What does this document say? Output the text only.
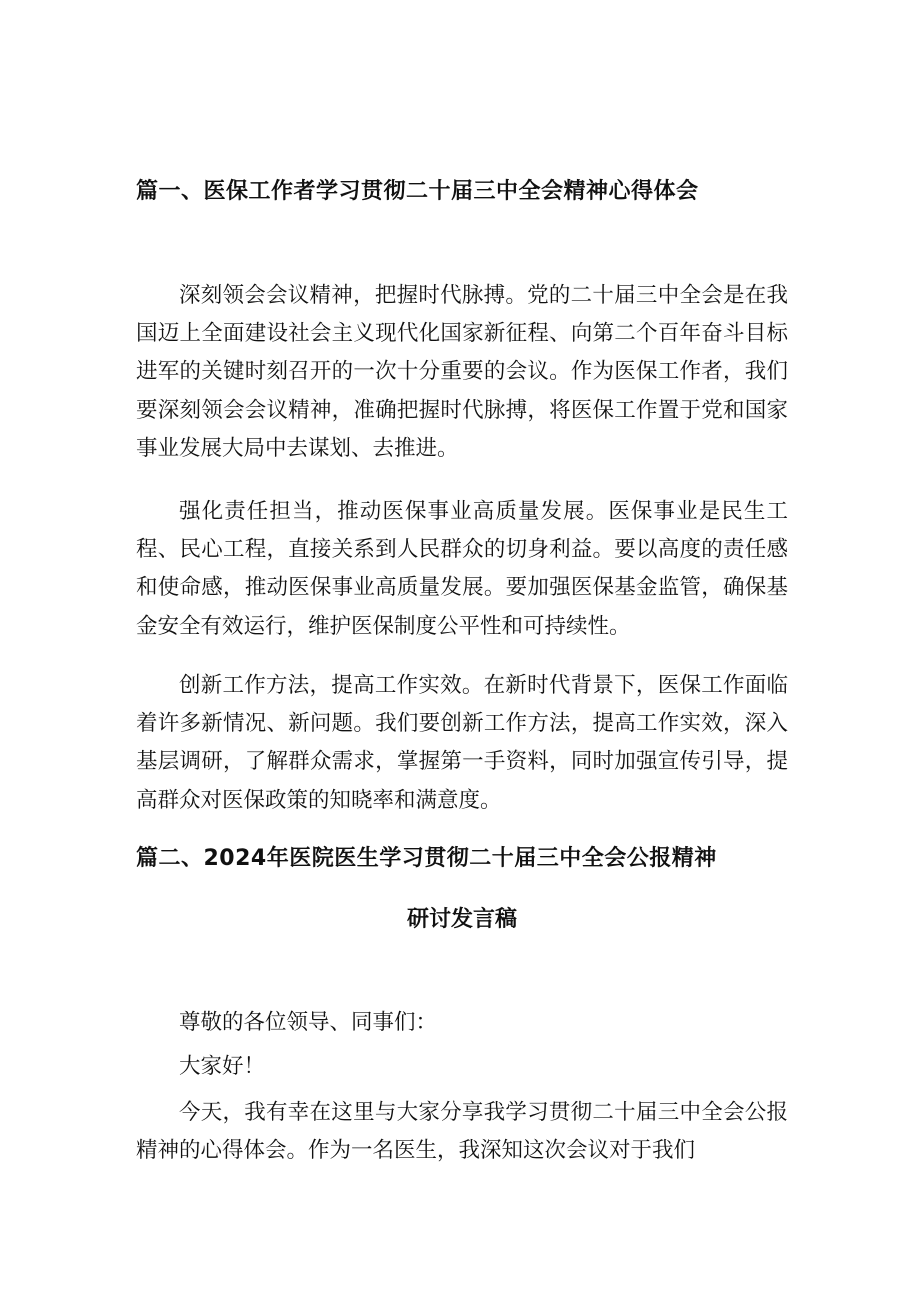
篇一、医保工作者学习贯彻二十届三中全会精神心得体会

深刻领会会议精神，把握时代脉搏。党的二十届三中全会是在我国迈上全面建设社会主义现代化国家新征程、向第二个百年奋斗目标进军的关键时刻召开的一次十分重要的会议。作为医保工作者，我们要深刻领会会议精神，准确把握时代脉搏，将医保工作置于党和国家事业发展大局中去谋划、去推进。

强化责任担当，推动医保事业高质量发展。医保事业是民生工程、民心工程，直接关系到人民群众的切身利益。要以高度的责任感和使命感，推动医保事业高质量发展。要加强医保基金监管，确保基金安全有效运行，维护医保制度公平性和可持续性。

创新工作方法，提高工作实效。在新时代背景下，医保工作面临着许多新情况、新问题。我们要创新工作方法，提高工作实效，深入基层调研，了解群众需求，掌握第一手资料，同时加强宣传引导，提高群众对医保政策的知晓率和满意度。

篇二、2024年医院医生学习贯彻二十届三中全会公报精神
研讨发言稿

尊敬的各位领导、同事们：

大家好！

今天，我有幸在这里与大家分享我学习贯彻二十届三中全会公报精神的心得体会。作为一名医生，我深知这次会议对于我们
